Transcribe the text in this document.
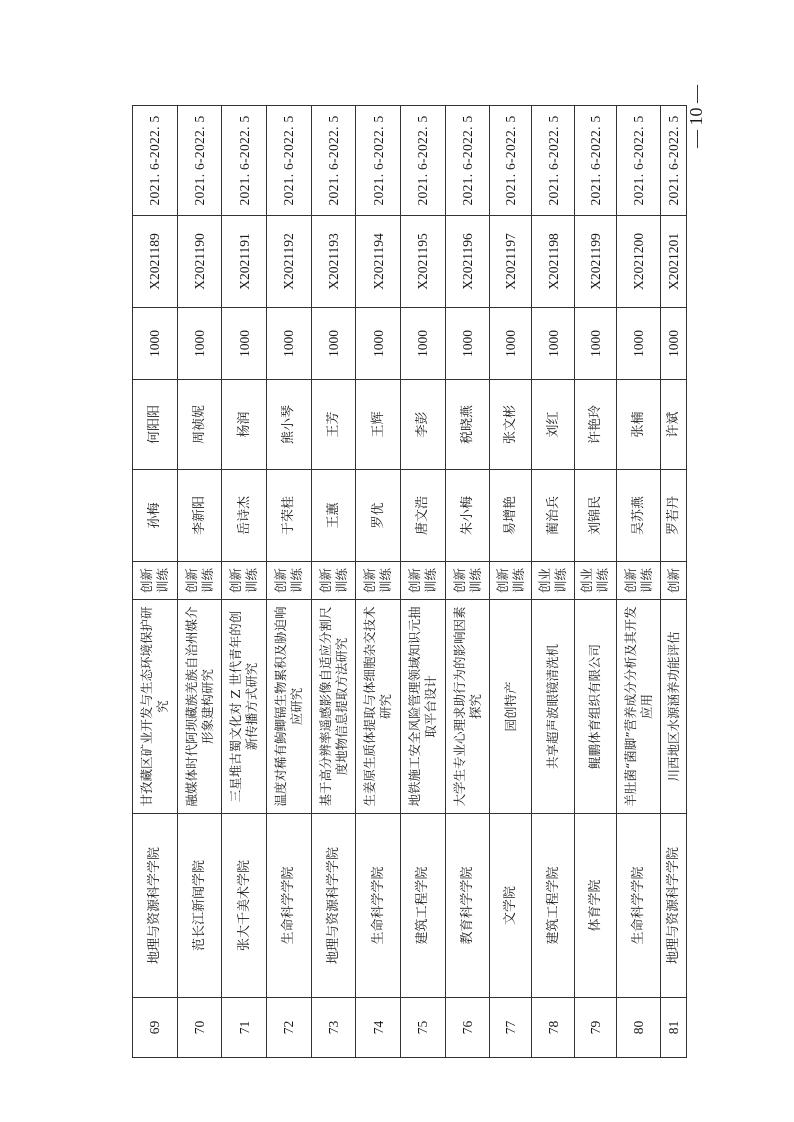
69	地理与资源科学学院	甘孜藏区矿业开发与生态环境保护研究	创新训练	孙梅	何阳阳	1000	X2021189	2021. 6-2022. 5
70	范长江新闻学院	融媒体时代阿坝藏族羌族自治州媒介形象建构研究	创新训练	李新阳	周祯妮	1000	X2021190	2021. 6-2022. 5
71	张大千美术学院	三星堆古蜀文化对 Z 世代青年的创新传播方式研究	创新训练	岳诗杰	杨润	1000	X2021191	2021. 6-2022. 5
72	生命科学学院	温度对稀有鮈鲫镉生物累积及胁迫响应研究	创新训练	于荣桂	熊小琴	1000	X2021192	2021. 6-2022. 5
73	地理与资源科学学院	基于高分辨率遥感影像自适应分割尺度地物信息提取方法研究	创新训练	王蕙	王芳	1000	X2021193	2021. 6-2022. 5
74	生命科学学院	生姜原生质体提取与体细胞杂交技术研究	创新训练	罗优	王辉	1000	X2021194	2021. 6-2022. 5
75	建筑工程学院	地铁施工安全风险管理领域知识元抽取平台设计	创新训练	唐文浩	李彭	1000	X2021195	2021. 6-2022. 5
76	教育科学学院	大学生专业心理求助行为的影响因素探究	创新训练	朱小梅	税晓燕	1000	X2021196	2021. 6-2022. 5
77	文学院	园创特产	创新训练	易增艳	张文彬	1000	X2021197	2021. 6-2022. 5
78	建筑工程学院	共享超声波眼镜清洗机	创业训练	蔺治兵	刘红	1000	X2021198	2021. 6-2022. 5
79	体育学院	鲲鹏体育组织有限公司	创业训练	刘锦民	许艳玲	1000	X2021199	2021. 6-2022. 5
80	生命科学学院	羊肚菌“菌脚”营养成分分析及其开发应用	创新训练	吴苏燕	张楠	1000	X2021200	2021. 6-2022. 5
81	地理与资源科学学院	川西地区水源涵养功能评估	创新	罗若丹	许斌	1000	X2021201	2021. 6-2022. 5 — 10 —
